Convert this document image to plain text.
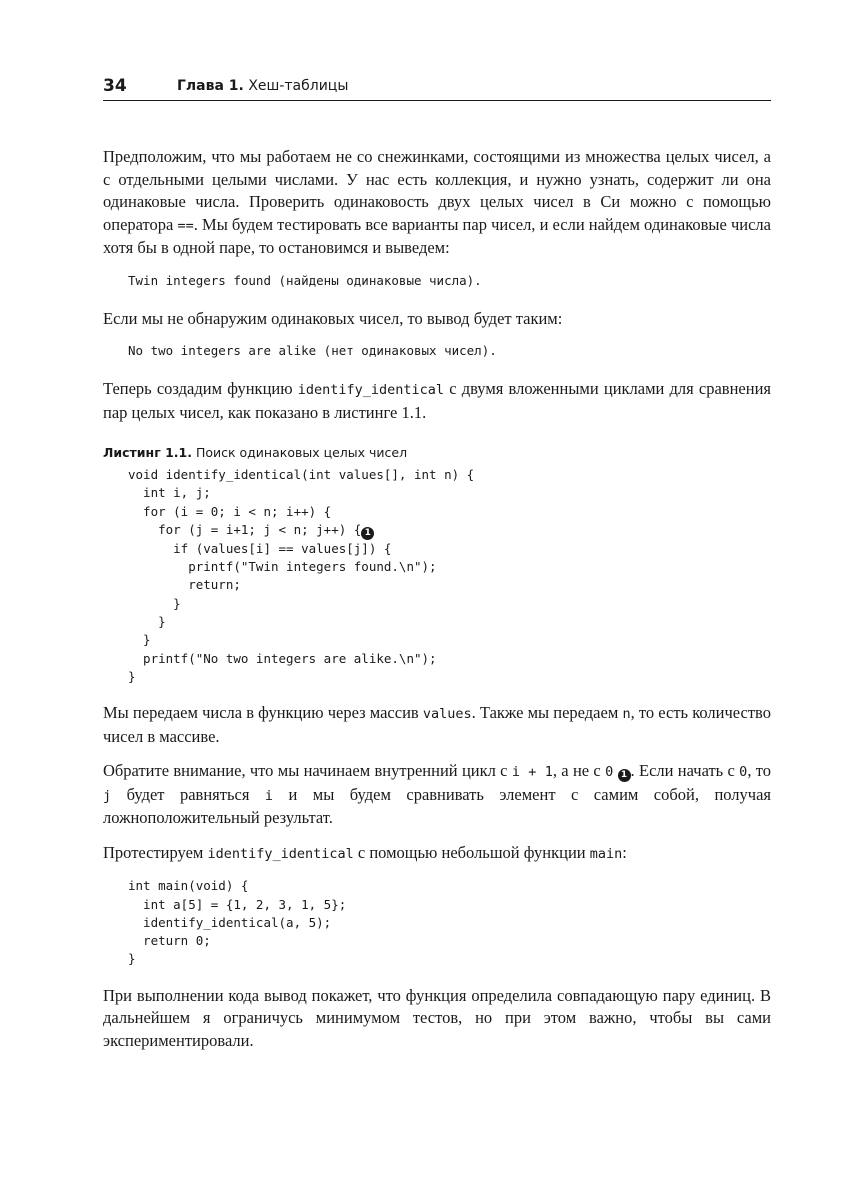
34	Глава 1. Хеш-таблицы

Предположим, что мы работаем не со снежинками, состоящими из множества целых чисел, а с отдельными целыми числами. У нас есть коллекция, и нужно узнать, содержит ли она одинаковые числа. Проверить одинаковость двух целых чисел в Си можно с помощью оператора ==. Мы будем тестировать все варианты пар чисел, и если найдем одинаковые числа хотя бы в одной паре, то остановимся и выведем:

Twin integers found (найдены одинаковые числа).

Если мы не обнаружим одинаковых чисел, то вывод будет таким:

No two integers are alike (нет одинаковых чисел).

Теперь создадим функцию identify_identical с двумя вложенными циклами для сравнения пар целых чисел, как показано в листинге 1.1.

Листинг 1.1. Поиск одинаковых целых чисел
void identify_identical(int values[], int n) {
int i, j;
for (i = 0; i < n; i++) {
for (j = i+1; j < n; j++) { 1
if (values[i] == values[j]) {
printf("Twin integers found.\n");
return;
}
}
}
printf("No two integers are alike.\n");
}

Мы передаем числа в функцию через массив values. Также мы передаем n, то есть количество чисел в массиве.

Обратите внимание, что мы начинаем внутренний цикл с i + 1, а не с 0 1 . Если начать с 0, то j будет равняться i и мы будем сравнивать элемент с самим собой, получая ложноположительный результат.

Протестируем identify_identical с помощью небольшой функции main:

int main(void) {
int a[5] = {1, 2, 3, 1, 5};
identify_identical(a, 5);
return 0;
}

При выполнении кода вывод покажет, что функция определила совпадающую пару единиц. В дальнейшем я ограничусь минимумом тестов, но при этом важно, чтобы вы сами экспериментировали.
